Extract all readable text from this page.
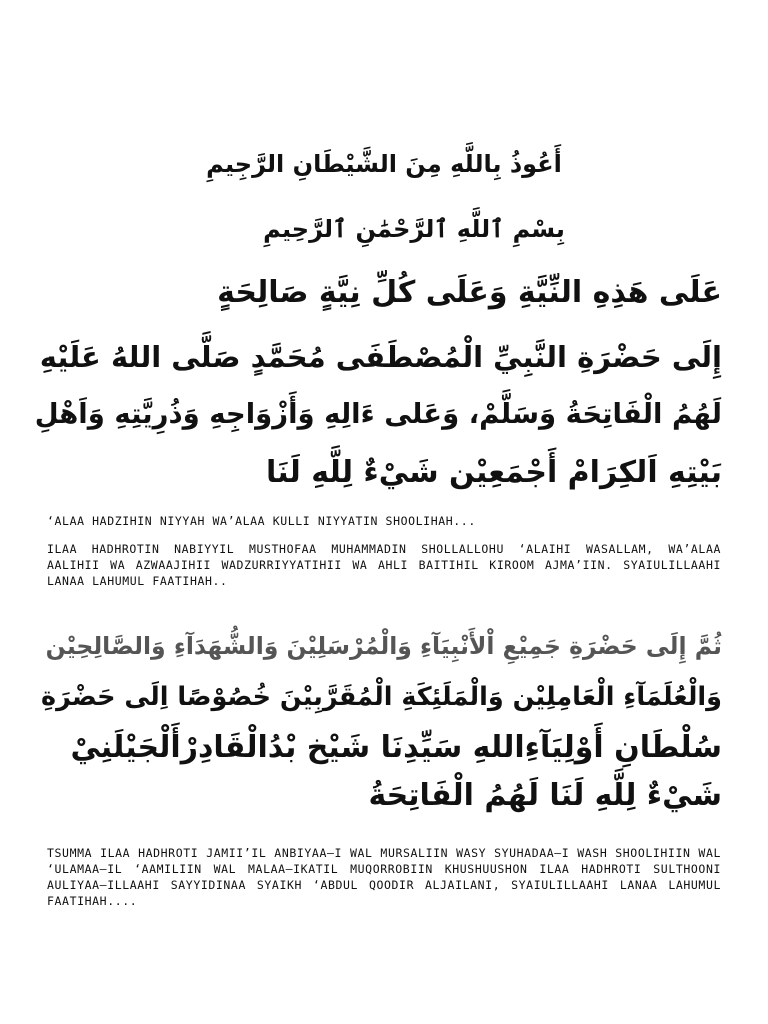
أَعُوذُ بِاللَّهِ مِنَ الشَّيْطَانِ الرَّجِيمِ
بِسْمِ ٱللَّهِ ٱلرَّحْمَٰنِ ٱلرَّحِيمِ
عَلَى هَذِهِ النِّيَّةِ وَعَلَى كُلِّ نِيَّةٍ صَالِحَةٍ
إِلَى حَضْرَةِ النَّبِيِّ الْمُصْطَفَى مُحَمَّدٍ صَلَّى اللهُ عَلَيْهِ
لَهُمُ الْفَاتِحَةُ وَسَلَّمْ، وَعَلى ءَالِهِ وَأَزْوَاجِهِ وَذُرِيَّتِهِ وَاَهْلِ
بَيْتِهِ اَلكِرَامْ أَجْمَعِيْن شَيْءٌ لِلَّهِ لَنَا

‘ALAA HADZIHIN NIYYAH WA’ALAA KULLI NIYYATIN SHOOLIHAH...

ILAA HADHROTIN NABIYYIL MUSTHOFAA MUHAMMADIN SHOLLALLOHU ‘ALAIHI WASALLAM, WA’ALAA AALIHII WA AZWAAJIHII WADZURRIYYATIHII WA AHLI BAITIHIL KIROOM AJMA’IIN. SYAIULILLAAHI LANAA LAHUMUL FAATIHAH..

ثُمَّ إِلَى حَضْرَةِ جَمِيْعِ اْلأَنْبِيَآءِ وَالْمُرْسَلِيْنَ وَالشُّهَدَآءِ وَالصَّالِحِيْن
وَالْعُلَمَآءِ الْعَامِلِيْن وَالْمَلَئِكَةِ الْمُقَرَّبِيْنَ خُصُوْصًا اِلَى حَضْرَةِ
سُلْطَانِ أَوْلِيَآءِاللهِ سَيِّدِنَا شَيْخ بْدُالْقَادِرْأَلْجَيْلَنِيْ
شَيْءٌ لِلَّهِ لَنَا لَهُمُ الْفَاتِحَةُ

TSUMMA ILAA HADHROTI JAMII’IL ANBIYAA–I WAL MURSALIIN WASY SYUHADAA–I WASH SHOOLIHIIN WAL ‘ULAMAA–IL ‘AAMILIIN WAL MALAA–IKATIL MUQORROBIIN KHUSHUUSHON ILAA HADHROTI SULTHOONI AULIYAA–ILLAAHI SAYYIDINAA SYAIKH ‘ABDUL QOODIR ALJAILANI, SYAIULILLAAHI LANAA LAHUMUL FAATIHAH....
